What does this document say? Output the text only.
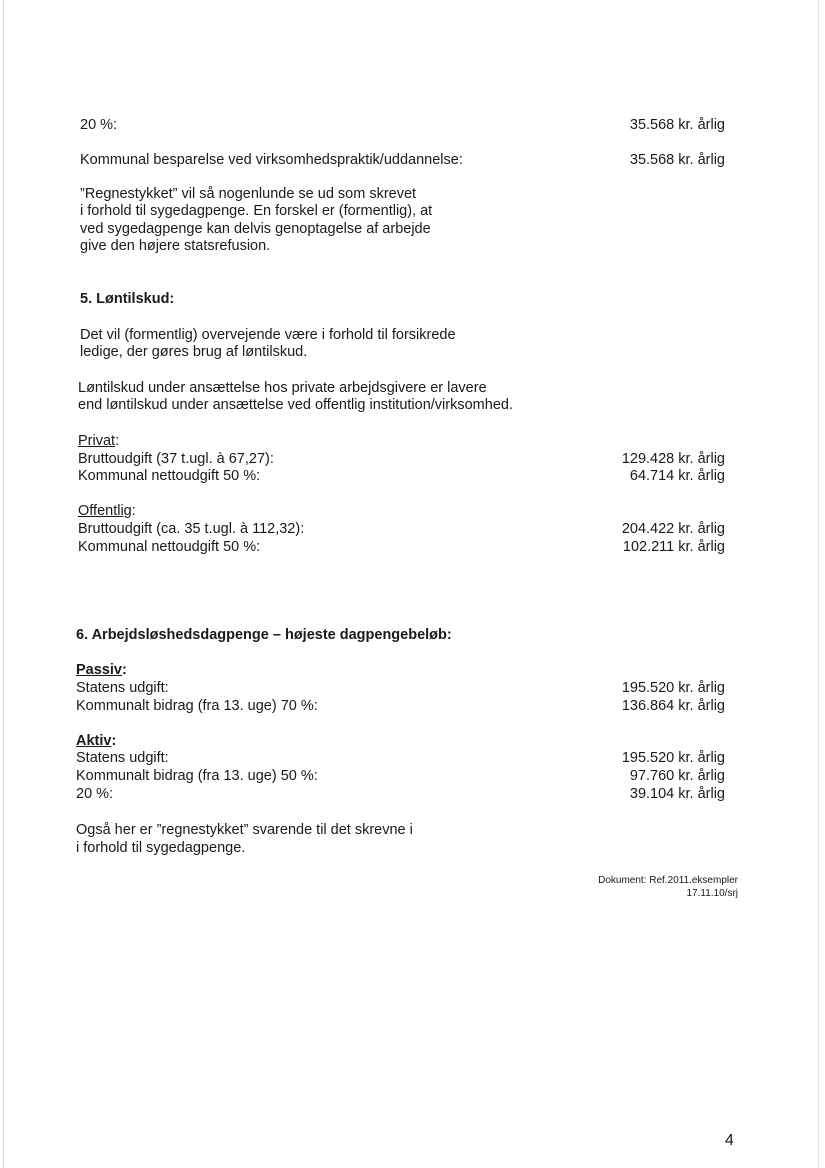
20 %:	35.568 kr. årlig
Kommunal besparelse ved virksomhedspraktik/uddannelse:	35.568 kr. årlig
”Regnestykket” vil så nogenlunde se ud som skrevet
i forhold til sygedagpenge. En forskel er (formentlig), at
ved sygedagpenge kan delvis genoptagelse af arbejde
give den højere statsrefusion.
5. Løntilskud:
Det vil (formentlig) overvejende være i forhold til forsikrede
ledige, der gøres brug af løntilskud.
Løntilskud under ansættelse hos private arbejdsgivere er lavere
end løntilskud under ansættelse ved offentlig institution/virksomhed.
Privat:
Bruttoudgift (37 t.ugl. à 67,27):	129.428 kr. årlig
Kommunal nettoudgift 50 %:	64.714 kr. årlig
Offentlig:
Bruttoudgift (ca. 35 t.ugl. à 112,32):	204.422 kr. årlig
Kommunal nettoudgift 50 %:	102.211 kr. årlig
6. Arbejdsløshedsdagpenge – højeste dagpengebeløb:
Passiv:
Statens udgift:	195.520 kr. årlig
Kommunalt bidrag (fra 13. uge) 70 %:	136.864 kr. årlig
Aktiv:
Statens udgift:	195.520 kr. årlig
Kommunalt bidrag (fra 13. uge) 50 %:	97.760 kr. årlig
20 %:	39.104 kr. årlig
Også her er ”regnestykket” svarende til det skrevne i
i forhold til sygedagpenge.
Dokument: Ref.2011.eksempler
17.11.10/srj
4
